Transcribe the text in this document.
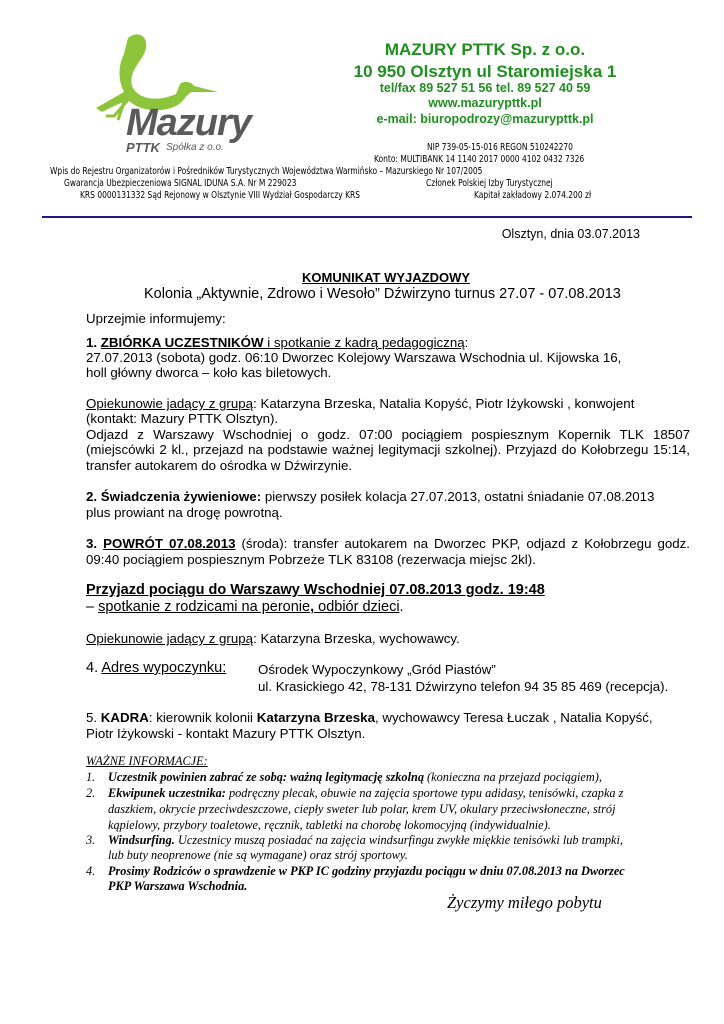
Mazury
PTTK Spółka z o.o.
MAZURY PTTK Sp. z o.o.
10 950 Olsztyn ul Staromiejska 1
tel/fax 89 527 51 56 tel. 89 527 40 59
www.mazurypttk.pl
e-mail: biuropodrozy@mazurypttk.pl
NIP 739-05-15-016 REGON 510242270
Konto: MULTIBANK 14 1140 2017 0000 4102 0432 7326
Wpis do Rejestru Organizatorów i Pośredników Turystycznych Województwa Warmińsko – Mazurskiego Nr 107/2005
Gwarancja Ubezpieczeniowa SIGNAL IDUNA S.A. Nr M 229023	Członek Polskiej Izby Turystycznej
KRS 0000131332 Sąd Rejonowy w Olsztynie VIII Wydział Gospodarczy KRS	Kapitał zakładowy 2.074.200 zł
Olsztyn, dnia 03.07.2013
KOMUNIKAT WYJAZDOWY
Kolonia „Aktywnie, Zdrowo i Wesoło” Dźwirzyno turnus 27.07 - 07.08.2013
Uprzejmie informujemy:
1. ZBIÓRKA UCZESTNIKÓW i spotkanie z kadrą pedagogiczną:
27.07.2013 (sobota) godz. 06:10 Dworzec Kolejowy Warszawa Wschodnia ul. Kijowska 16,
holl główny dworca – koło kas biletowych.
Opiekunowie jadący z grupą: Katarzyna Brzeska, Natalia Kopyść, Piotr Iżykowski , konwojent
(kontakt: Mazury PTTK Olsztyn).
Odjazd z Warszawy Wschodniej o godz. 07:00 pociągiem pospiesznym Kopernik TLK 18507
(miejscówki 2 kl., przejazd na podstawie ważnej legitymacji szkolnej). Przyjazd do Kołobrzegu 15:14,
transfer autokarem do ośrodka w Dźwirzynie.
2. Świadczenia żywieniowe: pierwszy posiłek kolacja 27.07.2013, ostatni śniadanie 07.08.2013
plus prowiant na drogę powrotną.
3. POWRÓT 07.08.2013 (środa): transfer autokarem na Dworzec PKP, odjazd z Kołobrzegu godz.
09:40 pociągiem pospiesznym Pobrzeże TLK 83108 (rezerwacja miejsc 2kl).
Przyjazd pociągu do Warszawy Wschodniej 07.08.2013 godz. 19:48
– spotkanie z rodzicami na peronie, odbiór dzieci.
Opiekunowie jadący z grupą: Katarzyna Brzeska, wychowawcy.
4. Adres wypoczynku: Ośrodek Wypoczynkowy „Gród Piastów”
ul. Krasickiego 42, 78-131 Dźwirzyno telefon 94 35 85 469 (recepcja).
5. KADRA: kierownik kolonii Katarzyna Brzeska, wychowawcy Teresa Łuczak , Natalia Kopyść,
Piotr Iżykowski - kontakt Mazury PTTK Olsztyn.
WAŻNE INFORMACJE:
1. Uczestnik powinien zabrać ze sobą: ważną legitymację szkolną (konieczna na przejazd pociągiem),
2. Ekwipunek uczestnika: podręczny plecak, obuwie na zajęcia sportowe typu adidasy, tenisówki, czapka z
daszkiem, okrycie przeciwdeszczowe, ciepły sweter lub polar, krem UV, okulary przeciwsłoneczne, strój
kąpielowy, przybory toaletowe, ręcznik, tabletki na chorobę lokomocyjną (indywidualnie).
3. Windsurfing. Uczestnicy muszą posiadać na zajęcia windsurfingu zwykłe miękkie tenisówki lub trampki,
lub buty neoprenowe (nie są wymagane) oraz strój sportowy.
4. Prosimy Rodziców o sprawdzenie w PKP IC godziny przyjazdu pociągu w dniu 07.08.2013 na Dworzec
PKP Warszawa Wschodnia.
Życzymy miłego pobytu
